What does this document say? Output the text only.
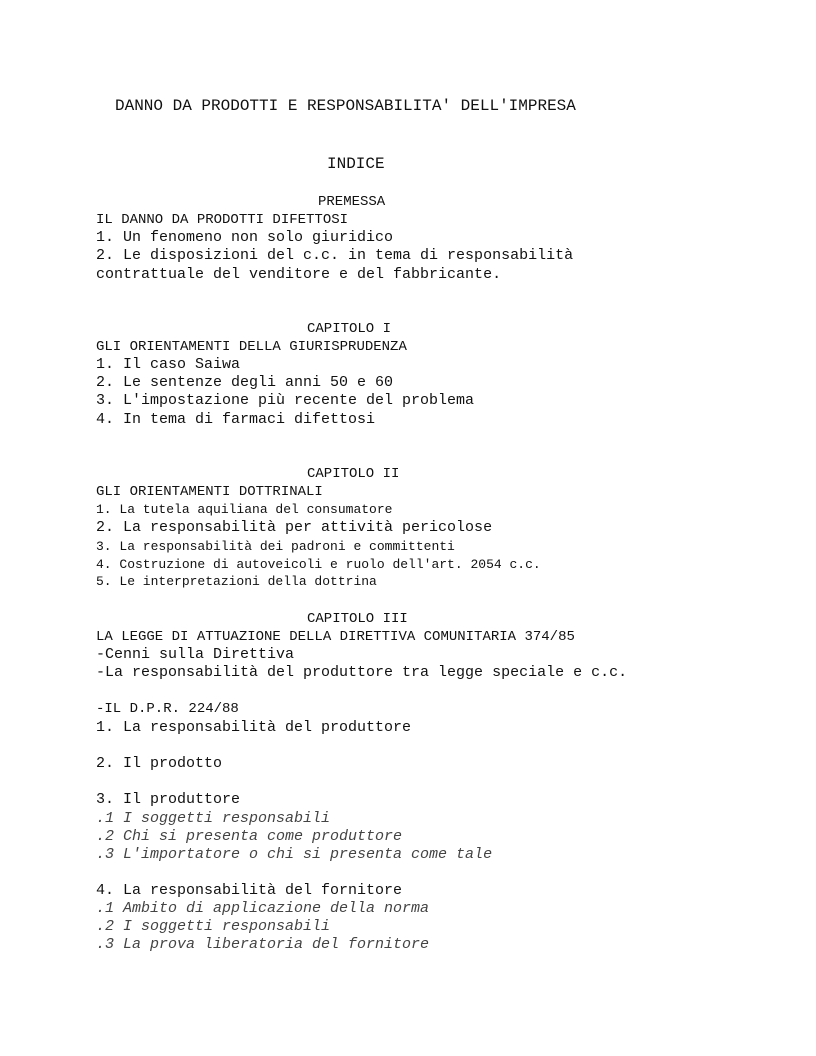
DANNO DA PRODOTTI E RESPONSABILITA' DELL'IMPRESA

INDICE

PREMESSA

IL DANNO DA PRODOTTI DIFETTOSI

1. Un fenomeno non solo giuridico

2. Le disposizioni del c.c. in tema di responsabilità

contrattuale del venditore e del fabbricante.

CAPITOLO I

GLI ORIENTAMENTI DELLA GIURISPRUDENZA

1. Il caso Saiwa

2. Le sentenze degli anni 50 e 60

3. L'impostazione più recente del problema

4. In tema di farmaci difettosi

CAPITOLO II

GLI ORIENTAMENTI DOTTRINALI

1. La tutela aquiliana del consumatore

2. La responsabilità per attività pericolose

3. La responsabilità dei padroni e committenti

4. Costruzione di autoveicoli e ruolo dell'art. 2054 c.c.

5. Le interpretazioni della dottrina

CAPITOLO III

LA LEGGE DI ATTUAZIONE DELLA DIRETTIVA COMUNITARIA 374/85

-Cenni sulla Direttiva

-La responsabilità del produttore tra legge speciale e c.c.

-IL D.P.R. 224/88

1. La responsabilità del produttore

2. Il prodotto

3. Il produttore

.1 I soggetti responsabili

.2 Chi si presenta come produttore

.3 L'importatore o chi si presenta come tale

4. La responsabilità del fornitore

.1 Ambito di applicazione della norma

.2 I soggetti responsabili

.3 La prova liberatoria del fornitore
